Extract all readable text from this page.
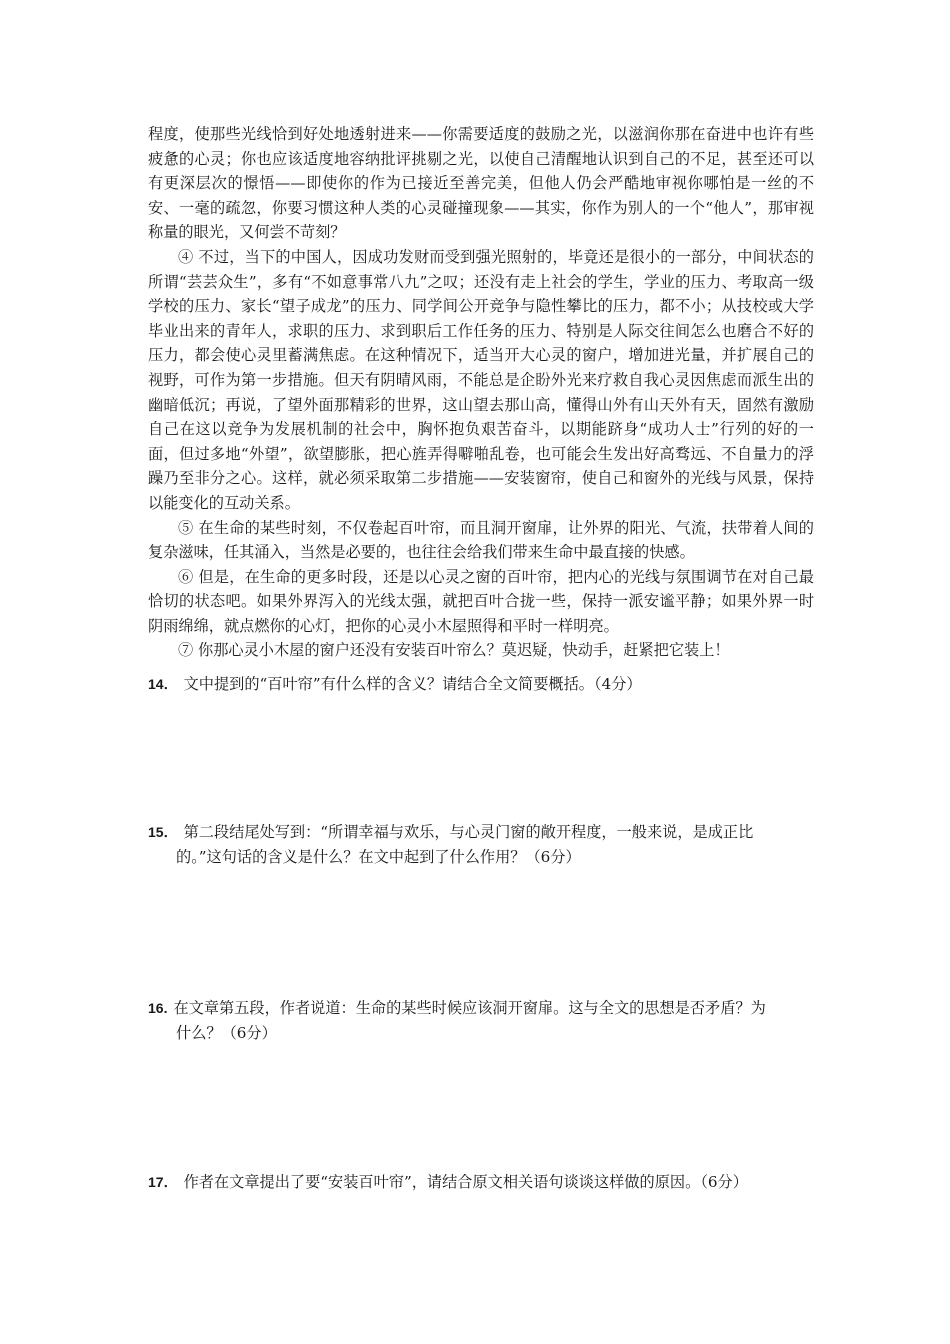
程度，使那些光线恰到好处地透射进来——你需要适度的鼓励之光，以滋润你那在奋进中也许有些疲惫的心灵；你也应该适度地容纳批评挑剔之光，以使自己清醒地认识到自己的不足，甚至还可以有更深层次的憬悟——即使你的作为已接近至善完美，但他人仍会严酷地审视你哪怕是一丝的不安、一毫的疏忽，你要习惯这种人类的心灵碰撞现象——其实，你作为别人的一个“他人”，那审视称量的眼光，又何尝不苛刻？

④ 不过，当下的中国人，因成功发财而受到强光照射的，毕竟还是很小的一部分，中间状态的所谓“芸芸众生”，多有“不如意事常八九”之叹；还没有走上社会的学生，学业的压力、考取高一级学校的压力、家长“望子成龙”的压力、同学间公开竞争与隐性攀比的压力，都不小；从技校或大学毕业出来的青年人，求职的压力、求到职后工作任务的压力、特别是人际交往间怎么也磨合不好的压力，都会使心灵里蓄满焦虑。在这种情况下，适当开大心灵的窗户，增加进光量，并扩展自己的视野，可作为第一步措施。但天有阴晴风雨，不能总是企盼外光来疗救自我心灵因焦虑而派生出的幽暗低沉；再说，了望外面那精彩的世界，这山望去那山高，懂得山外有山天外有天，固然有激励自己在这以竞争为发展机制的社会中，胸怀抱负艰苦奋斗，以期能跻身“成功人士”行列的好的一面，但过多地“外望”，欲望膨胀，把心旌弄得噼啪乱卷，也可能会生发出好高骛远、不自量力的浮躁乃至非分之心。这样，就必须采取第二步措施——安装窗帘，使自己和窗外的光线与风景，保持以能变化的互动关系。

⑤ 在生命的某些时刻，不仅卷起百叶帘，而且洞开窗扉，让外界的阳光、气流，扶带着人间的复杂滋味，任其涌入，当然是必要的，也往往会给我们带来生命中最直接的快感。

⑥ 但是，在生命的更多时段，还是以心灵之窗的百叶帘，把内心的光线与氛围调节在对自己最恰切的状态吧。如果外界泻入的光线太强，就把百叶合拢一些，保持一派安谧平静；如果外界一时阴雨绵绵，就点燃你的心灯，把你的心灵小木屋照得和平时一样明亮。

⑦ 你那心灵小木屋的窗户还没有安装百叶帘么？莫迟疑，快动手，赶紧把它装上！

14． 文中提到的“百叶帘”有什么样的含义？请结合全文简要概括。（4分）
15． 第二段结尾处写到：“所谓幸福与欢乐，与心灵门窗的敞开程度，一般来说，是成正比
的。”这句话的含义是什么？在文中起到了什么作用？（6分）
16. 在文章第五段，作者说道：生命的某些时候应该洞开窗扉。这与全文的思想是否矛盾？为
什么？（6分）
17． 作者在文章提出了要“安装百叶帘”，请结合原文相关语句谈谈这样做的原因。（6分）
